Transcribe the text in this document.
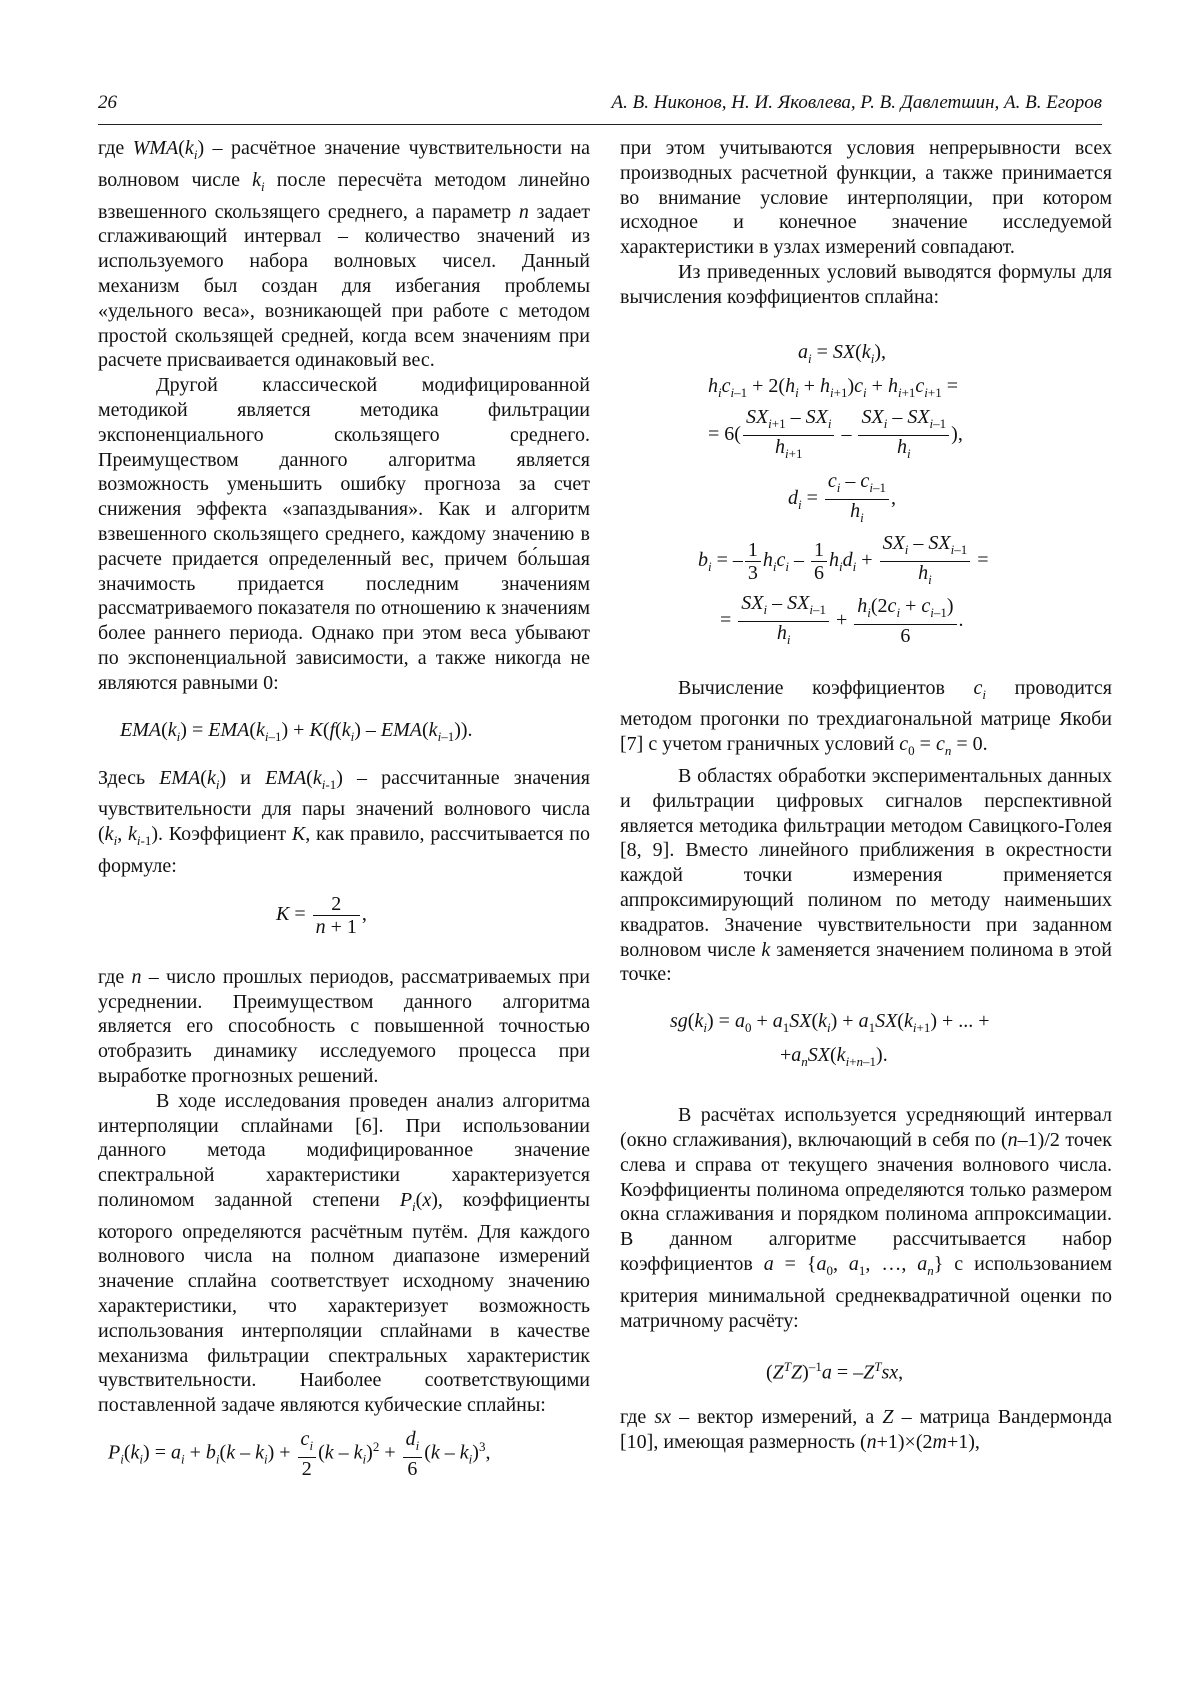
26	А. В. Никонов, Н. И. Яковлева, Р. В. Давлетшин, А. В. Егоров

где $WMA(k_i)$ – расчётное значение чувствительности на волновом числе $k_i$ после пересчёта методом линейно взвешенного скользящего среднего, а параметр n задает сглаживающий интервал – количество значений из используемого набора волновых чисел. Данный механизм был создан для избегания проблемы «удельного веса», возникающей при работе с методом простой скользящей средней, когда всем значениям при расчете присваивается одинаковый вес.

Другой классической модифицированной методикой является методика фильтрации экспоненциального скользящего среднего. Преимуществом данного алгоритма является возможность уменьшить ошибку прогноза за счет снижения эффекта «запаздывания». Как и алгоритм взвешенного скользящего среднего, каждому значению в расчете придается определенный вес, причем бо́льшая значимость придается последним значениям рассматриваемого показателя по отношению к значениям более раннего периода. Однако при этом веса убывают по экспоненциальной зависимости, а также никогда не являются равными 0:

$EMA(k_i) = EMA(k_{i-1}) + K(f(k_i) - EMA(k_{i-1}))$.

Здесь $EMA(k_i)$ и $EMA(k_{i-1})$ – рассчитанные значения чувствительности для пары значений волнового числа ($k_i$, $k_{i-1}$). Коэффициент K, как правило, рассчитывается по формуле:

$K = \frac{2}{n + 1}$ ,

где n – число прошлых периодов, рассматриваемых при усреднении. Преимуществом данного алгоритма является его способность с повышенной точностью отобразить динамику исследуемого процесса при выработке прогнозных решений.

В ходе исследования проведен анализ алгоритма интерполяции сплайнами [6]. При использовании данного метода модифицированное значение спектральной характеристики характеризуется полиномом заданной степени $P_i(x)$, коэффициенты которого определяются расчётным путём. Для каждого волнового числа на полном диапазоне измерений значение сплайна соответствует исходному значению характеристики, что характеризует возможность использования интерполяции сплайнами в качестве механизма фильтрации спектральных характеристик чувствительности. Наиболее соответствующими поставленной задаче являются кубические сплайны:

$P_i(k_i) = a_i + b_i(k - k_i) + \frac{c_i}{2} (k - k_i)^2 + \frac{d_i}{6} (k - k_i)^3$,

при этом учитываются условия непрерывности всех производных расчетной функции, а также принимается во внимание условие интерполяции, при котором исходное и конечное значение исследуемой характеристики в узлах измерений совпадают.

Из приведенных условий выводятся формулы для вычисления коэффициентов сплайна:

$a_i = SX(k_i)$,
$h_ic_{i-1} + 2(h_i + h_{i+1})c_i + h_{i+1}c_{i+1}$ =
= $6( \frac{SX_{i+1} - SX_i}{h_{i+1}} - \frac{SX_i - SX_{i-1}}{h_i}$ ),
$d_i = \frac{c_i - c_{i-1}}{h_i}$ ,
$b_i$ = – $\frac{1}{3} h_ic_i - \frac{1}{6} h_id_i + \frac{SX_i - SX_{i-1}}{h_i}$ =
= $\frac{SX_i - SX_{i-1}}{h_i} + \frac{h_i(2c_i + c_{i-1})}{6}$ .

Вычисление коэффициентов $c_i$ проводится методом прогонки по трехдиагональной матрице Якоби [7] с учетом граничных условий $c_0 = c_n = 0$.

В областях обработки экспериментальных данных и фильтрации цифровых сигналов перспективной является методика фильтрации методом Савицкого-Голея [8, 9]. Вместо линейного приближения в окрестности каждой точки измерения применяется аппроксимирующий полином по методу наименьших квадратов. Значение чувствительности при заданном волновом числе k заменяется значением полинома в этой точке:

$sg(k_i) = a_0 + a_1SX(k_i) + a_1SX(k_{i+1})$ + ... +
$+a_nSX(k_{i+n-1})$.

В расчётах используется усредняющий интервал (окно сглаживания), включающий в себя по (n–1)/2 точек слева и справа от текущего значения волнового числа. Коэффициенты полинома определяются только размером окна сглаживания и порядком полинома аппроксимации. В данном алгоритме рассчитывается набор коэффициентов $a = \{a_0$, $a_1$, …, $a_n$} с использованием критерия минимальной среднеквадратичной оценки по матричному расчёту:

$(Z^TZ)^{-1}a = -Z^Tsx$,

где sx – вектор измерений, а Z – матрица Вандермонда [10], имеющая размерность (n+1)×(2m+1),
